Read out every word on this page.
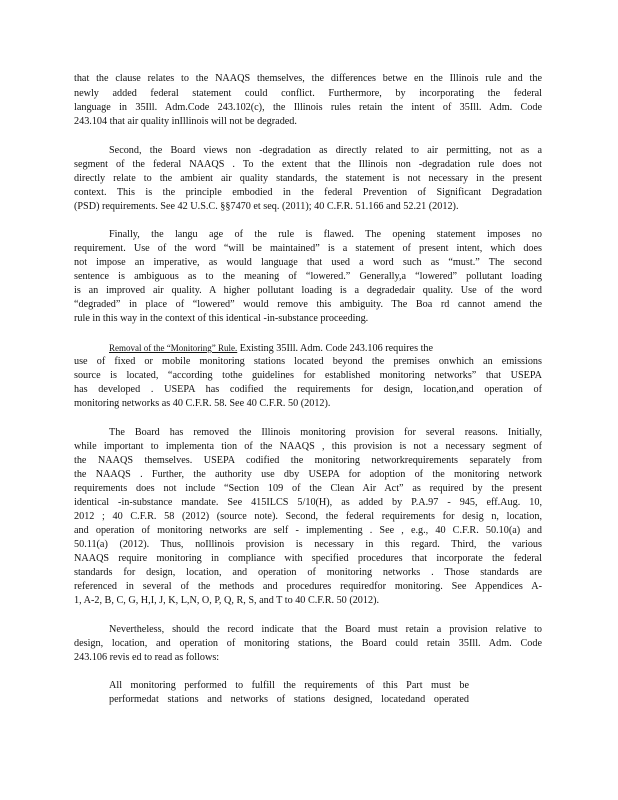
that the clause relates to the NAAQS themselves, the differences betwe en the Illinois rule and the
newly added federal statement could conflict. Furthermore, by incorporating the federal
language in 35Ill. Adm.Code 243.102(c), the Illinois rules retain the intent of 35Ill. Adm. Code
243.104 that air quality inIllinois will not be degraded.
Second, the Board views non -degradation as directly related to air permitting, not as a
segment of the federal NAAQS . To the extent that the Illinois non -degradation rule does not
directly relate to the ambient air quality standards, the statement is not necessary in the present
context. This is the principle embodied in the federal Prevention of Significant Degradation
(PSD) requirements. See 42 U.S.C. §§7470 et seq. (2011); 40 C.F.R. 51.166 and 52.21 (2012).
Finally, the langu age of the rule is flawed. The opening statement imposes no
requirement. Use of the word “will be maintained” is a statement of present intent, which does
not impose an imperative, as would language that used a word such as “must.” The second
sentence is ambiguous as to the meaning of “lowered.” Generally,a “lowered” pollutant loading
is an improved air quality. A higher pollutant loading is a degradedair quality. Use of the word
“degraded” in place of “lowered” would remove this ambiguity. The Boa rd cannot amend the
rule in this way in the context of this identical -in-substance proceeding.
Removal of the “Monitoring” Rule. Existing 35Ill. Adm. Code 243.106 requires the
use of fixed or mobile monitoring stations located beyond the premises onwhich an emissions
source is located, “according tothe guidelines for established monitoring networks” that USEPA
has developed . USEPA has codified the requirements for design, location,and operation of
monitoring networks as 40 C.F.R. 58. See 40 C.F.R. 50 (2012).
The Board has removed the Illinois monitoring provision for several reasons. Initially,
while important to implementa tion of the NAAQS , this provision is not a necessary segment of
the NAAQS themselves. USEPA codified the monitoring networkrequirements separately from
the NAAQS . Further, the authority use dby USEPA for adoption of the monitoring network
requirements does not include “Section 109 of the Clean Air Act” as required by the present
identical -in-substance mandate. See 415ILCS 5/10(H), as added by P.A.97 - 945, eff.Aug. 10,
2012 ; 40 C.F.R. 58 (2012) (source note). Second, the federal requirements for desig n, location,
and operation of monitoring networks are self - implementing . See , e.g., 40 C.F.R. 50.10(a) and
50.11(a) (2012). Thus, noIllinois provision is necessary in this regard. Third, the various
NAAQS require monitoring in compliance with specified procedures that incorporate the federal
standards for design, location, and operation of monitoring networks . Those standards are
referenced in several of the methods and procedures requiredfor monitoring. See Appendices A-
1, A-2, B, C, G, H,I, J, K, L,N, O, P, Q, R, S, and T to 40 C.F.R. 50 (2012).
Nevertheless, should the record indicate that the Board must retain a provision relative to
design, location, and operation of monitoring stations, the Board could retain 35Ill. Adm. Code
243.106 revis ed to read as follows:
All monitoring performed to fulfill the requirements of this Part must be
performedat stations and networks of stations designed, locatedand operated
